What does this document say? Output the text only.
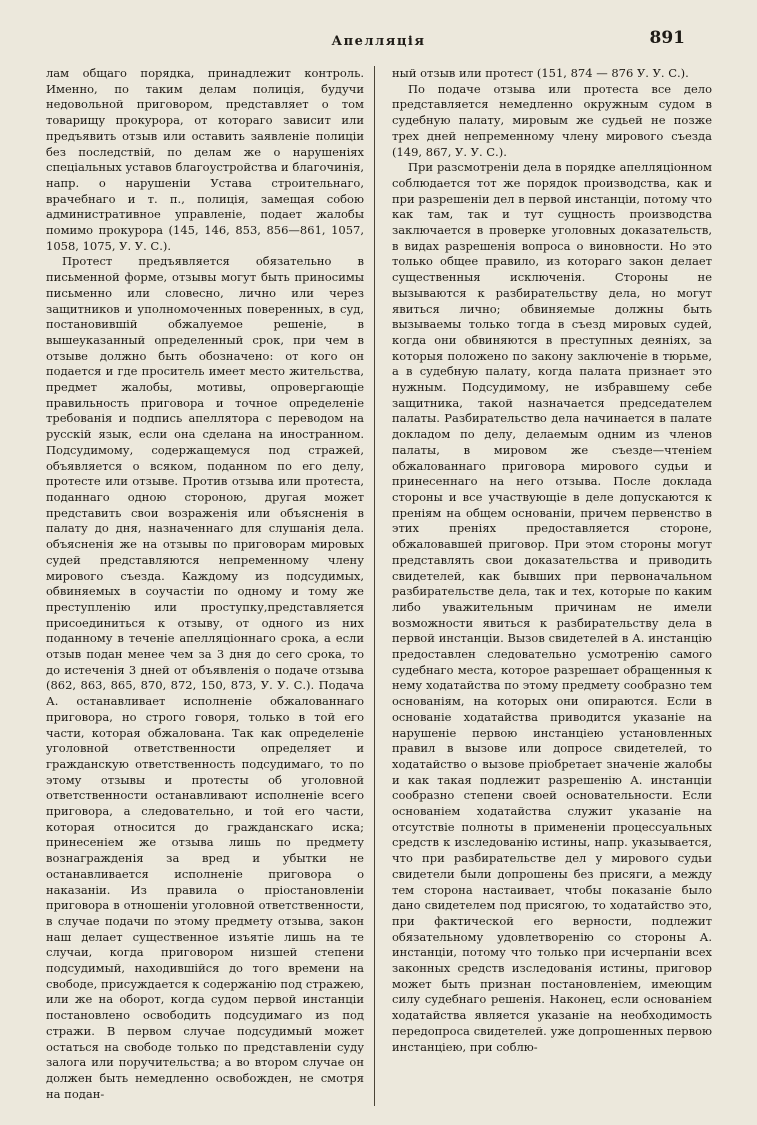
Апелляція	891

лам общаго порядка, принадлежит контроль. Именно, по таким делам полиція, будучи недовольной приговором, представляет о том товарищу прокурора, от котораго зависит или предъявить отзыв или оставить заявленіе полиціи без последствій, по делам же о нарушеніях спеціальных уставов благоустройства и благочинія, напр. о нарушеніи Устава строительнаго, врачебнаго и т. п., полиція, замещая собою административное управленіе, подает жалобы помимо прокурора (145, 146, 853, 856—861, 1057, 1058, 1075, У. У. С.).

Протест предъявляется обязательно в письменной форме, отзывы могут быть приносимы письменно или словесно, лично или через защитников и уполномоченных поверенных, в суд, постановившій обжалуемое решеніе, в вышеуказанный определенный срок, при чем в отзыве должно быть обозначено: от кого он подается и где проситель имеет место жительства, предмет жалобы, мотивы, опровергающіе правильность приговора и точное определеніе требованія и подпись апеллятора с переводом на русскій язык, если она сделана на иностранном. Подсудимому, содержащемуся под стражей, объявляется о всяком, поданном по его делу, протесте или отзыве. Против отзыва или протеста, поданнаго одною стороною, другая может представить свои возраженія или объясненія в палату до дня, назначеннаго для слушанія дела. объясненія же на отзывы по приговорам мировых судей представляются непременному члену мирового съезда. Каждому из подсудимых, обвиняемых в соучастіи по одному и тому же преступленію или проступку,представляется присоединиться к отзыву, от одного из них поданному в теченіе апелляціоннаго срока, а если отзыв подан менее чем за 3 дня до сего срока, то до истеченія 3 дней от объявленія о подаче отзыва (862, 863, 865, 870, 872, 150, 873, У. У. С.). Подача А. останавливает исполненіе обжалованнаго приговора, но строго говоря, только в той его части, которая обжалована. Так как определеніе уголовной ответственности определяет и гражданскую ответственность подсудимаго, то по этому отзывы и протесты об уголовной ответственности останавливают исполненіе всего приговора, а следовательно, и той его части, которая относится до гражданскаго иска; принесеніем же отзыва лишь по предмету вознагражденія за вред и убытки не останавливается исполненіе приговора о наказаніи. Из правила о пріостановленіи приговора в отношеніи уголовной ответственности, в случае подачи по этому предмету отзыва, закон наш делает существенное изъятіе лишь на те случаи, когда приговором низшей степени подсудимый, находившійся до того времени на свободе, присуждается к содержанію под стражею, или же на оборот, когда судом первой инстанціи постановлено освободить подсудимаго из под стражи. В первом случае подсудимый может остаться на свободе только по представленіи суду залога или поручительства; а во втором случае он должен быть немедленно освобожден, не смотря на подан-

ный отзыв или протест (151, 874 — 876 У. У. С.).

По подаче отзыва или протеста все дело представляется немедленно окружным судом в судебную палату, мировым же судьей не позже трех дней непременному члену мирового съезда (149, 867, У. У. С.).

При разсмотреніи дела в порядке апелляціонном соблюдается тот же порядок производства, как и при разрешеніи дел в первой инстанціи, потому что как там, так и тут сущность производства заключается в проверке уголовных доказательств, в видах разрешенія вопроса о виновности. Но это только общее правило, из котораго закон делает существенныя исключенія. Стороны не вызываются к разбирательству дела, но могут явиться лично; обвиняемые должны быть вызываемы только тогда в съезд мировых судей, когда они обвиняются в преступных деяніях, за которыя положено по закону заключеніе в тюрьме, а в судебную палату, когда палата признает это нужным. Подсудимому, не избравшему себе защитника, такой назначается председателем палаты. Разбирательство дела начинается в палате докладом по делу, делаемым одним из членов палаты, в мировом же съезде—чтеніем обжалованнаго приговора мирового судьи и принесеннаго на него отзыва. После доклада стороны и все участвующіе в деле допускаются к преніям на общем основаніи, причем первенство в этих преніях предоставляется стороне, обжаловавшей приговор. При этом стороны могут представлять свои доказательства и приводить свидетелей, как бывших при первоначальном разбирательстве дела, так и тех, которые по каким либо уважительным причинам не имели возможности явиться к разбирательству дела в первой инстанціи. Вызов свидетелей в А. инстанцію предоставлен следовательно усмотренію самого судебнаго места, которое разрешает обращенныя к нему ходатайства по этому предмету сообразно тем основаніям, на которых они опираются. Если в основаніе ходатайства приводится указаніе на нарушеніе первою инстанціею установленных правил в вызове или допросе свидетелей, то ходатайство о вызове пріобретает значеніе жалобы и как такая подлежит разрешенію А. инстанціи сообразно степени своей основательности. Если основаніем ходатайства служит указаніе на отсутствіе полноты в примененіи процессуальных средств к изследованію истины, напр. указывается, что при разбирательстве дел у мирового судьи свидетели были допрошены без присяги, а между тем сторона настаивает, чтобы показаніе было дано свидетелем под присягою, то ходатайство это, при фактической его верности, подлежит обязательному удовлетворенію со стороны А. инстанціи, потому что только при исчерпаніи всех законных средств изследованія истины, приговор может быть признан постановленіем, имеющим силу судебнаго решенія. Наконец, если основаніем ходатайства является указаніе на необходимость передопроса свидетелей. уже допрошенных первою инстанціею, при соблю-
